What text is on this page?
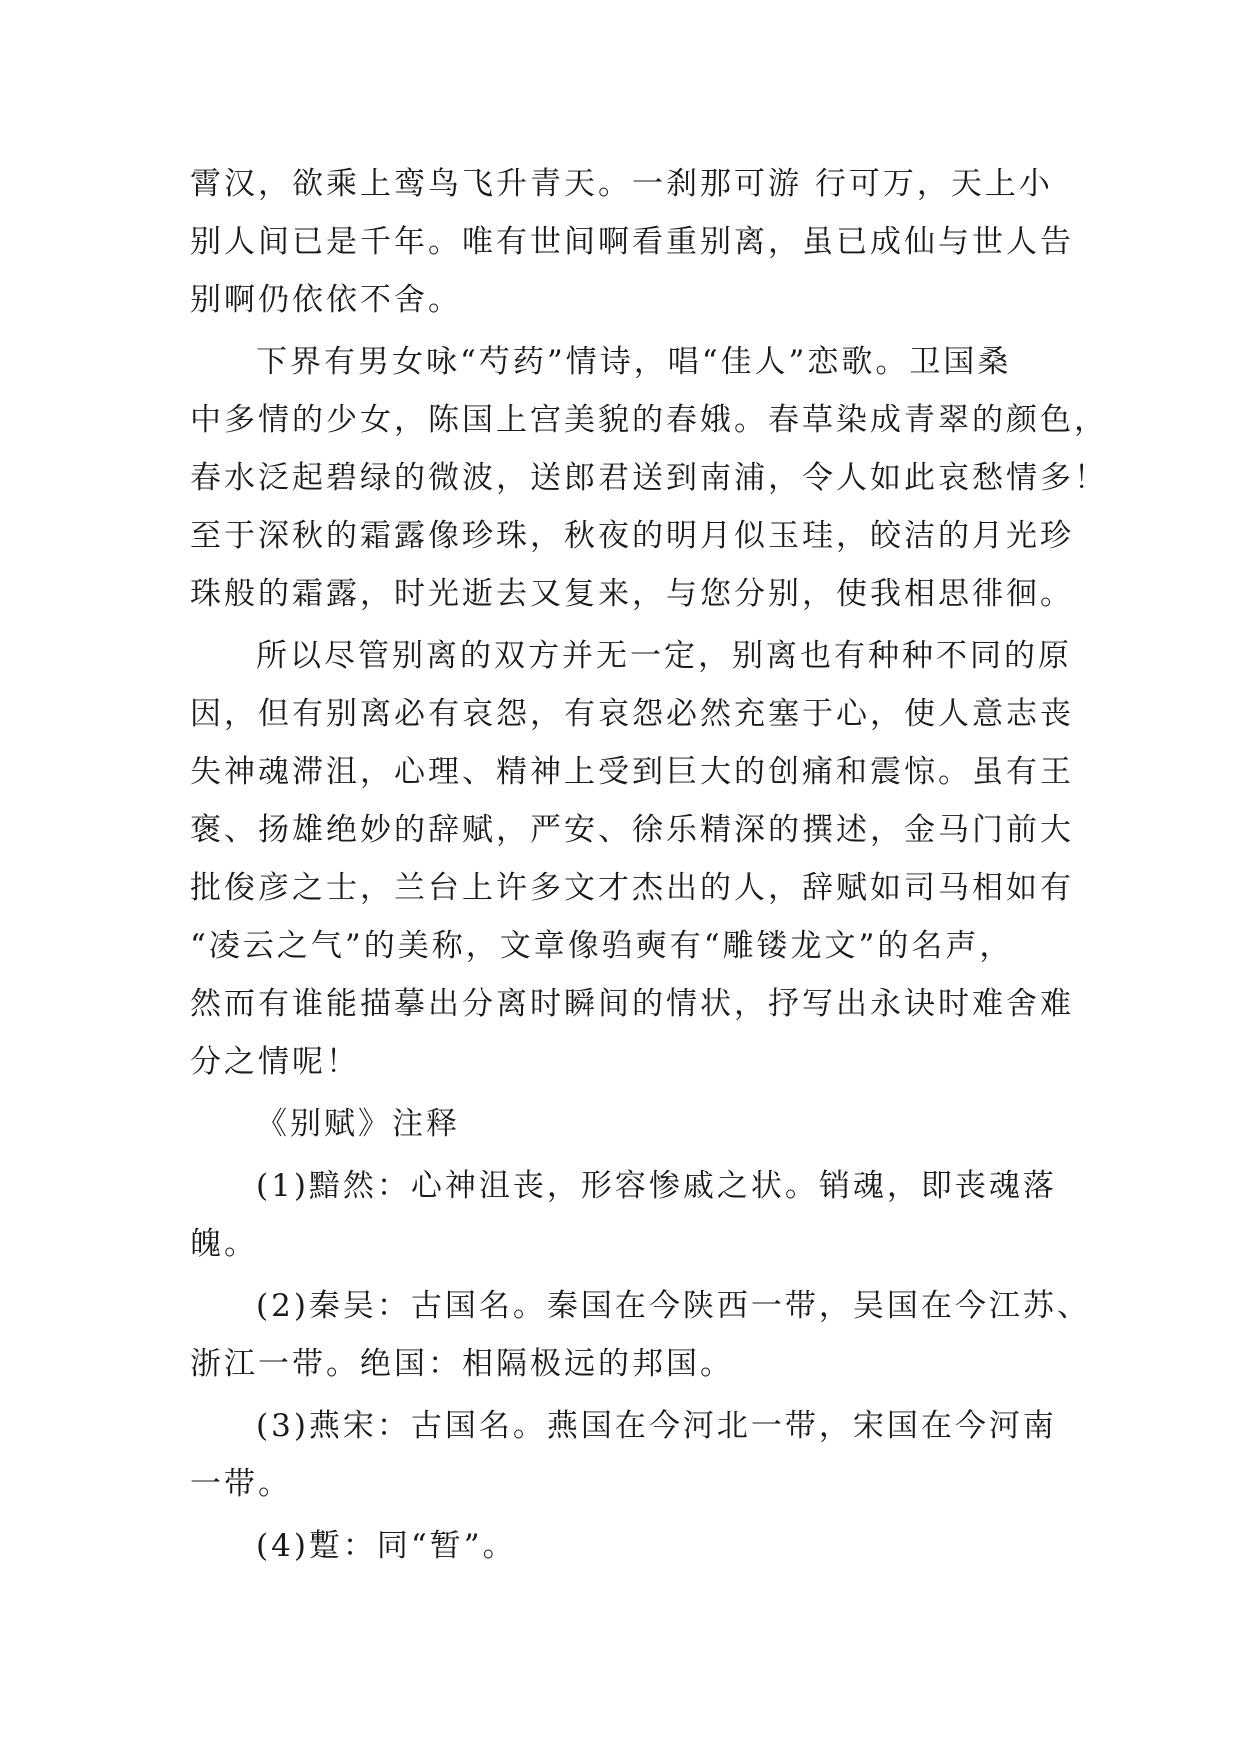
霄汉，欲乘上鸾鸟飞升青天。一刹那可游 行可万，天上小
别人间已是千年。唯有世间啊看重别离，虽已成仙与世人告
别啊仍依依不舍。
下界有男女咏“芍药”情诗，唱“佳人”恋歌。卫国桑
中多情的少女，陈国上宫美貌的春娥。春草染成青翠的颜色，
春水泛起碧绿的微波，送郎君送到南浦，令人如此哀愁情多！
至于深秋的霜露像珍珠，秋夜的明月似玉珪，皎洁的月光珍
珠般的霜露，时光逝去又复来，与您分别，使我相思徘徊。
所以尽管别离的双方并无一定，别离也有种种不同的原
因，但有别离必有哀怨，有哀怨必然充塞于心，使人意志丧
失神魂滞沮，心理、精神上受到巨大的创痛和震惊。虽有王
褒、扬雄绝妙的辞赋，严安、徐乐精深的撰述，金马门前大
批俊彦之士，兰台上许多文才杰出的人，辞赋如司马相如有
“凌云之气”的美称，文章像驺奭有“雕镂龙文”的名声，
然而有谁能描摹出分离时瞬间的情状，抒写出永诀时难舍难
分之情呢！
《别赋》注释
(1)黯然：心神沮丧，形容惨戚之状。销魂，即丧魂落
魄。
(2)秦吴：古国名。秦国在今陕西一带，吴国在今江苏、
浙江一带。绝国：相隔极远的邦国。
(3)燕宋：古国名。燕国在今河北一带，宋国在今河南
一带。
(4)蹔：同“暂”。
